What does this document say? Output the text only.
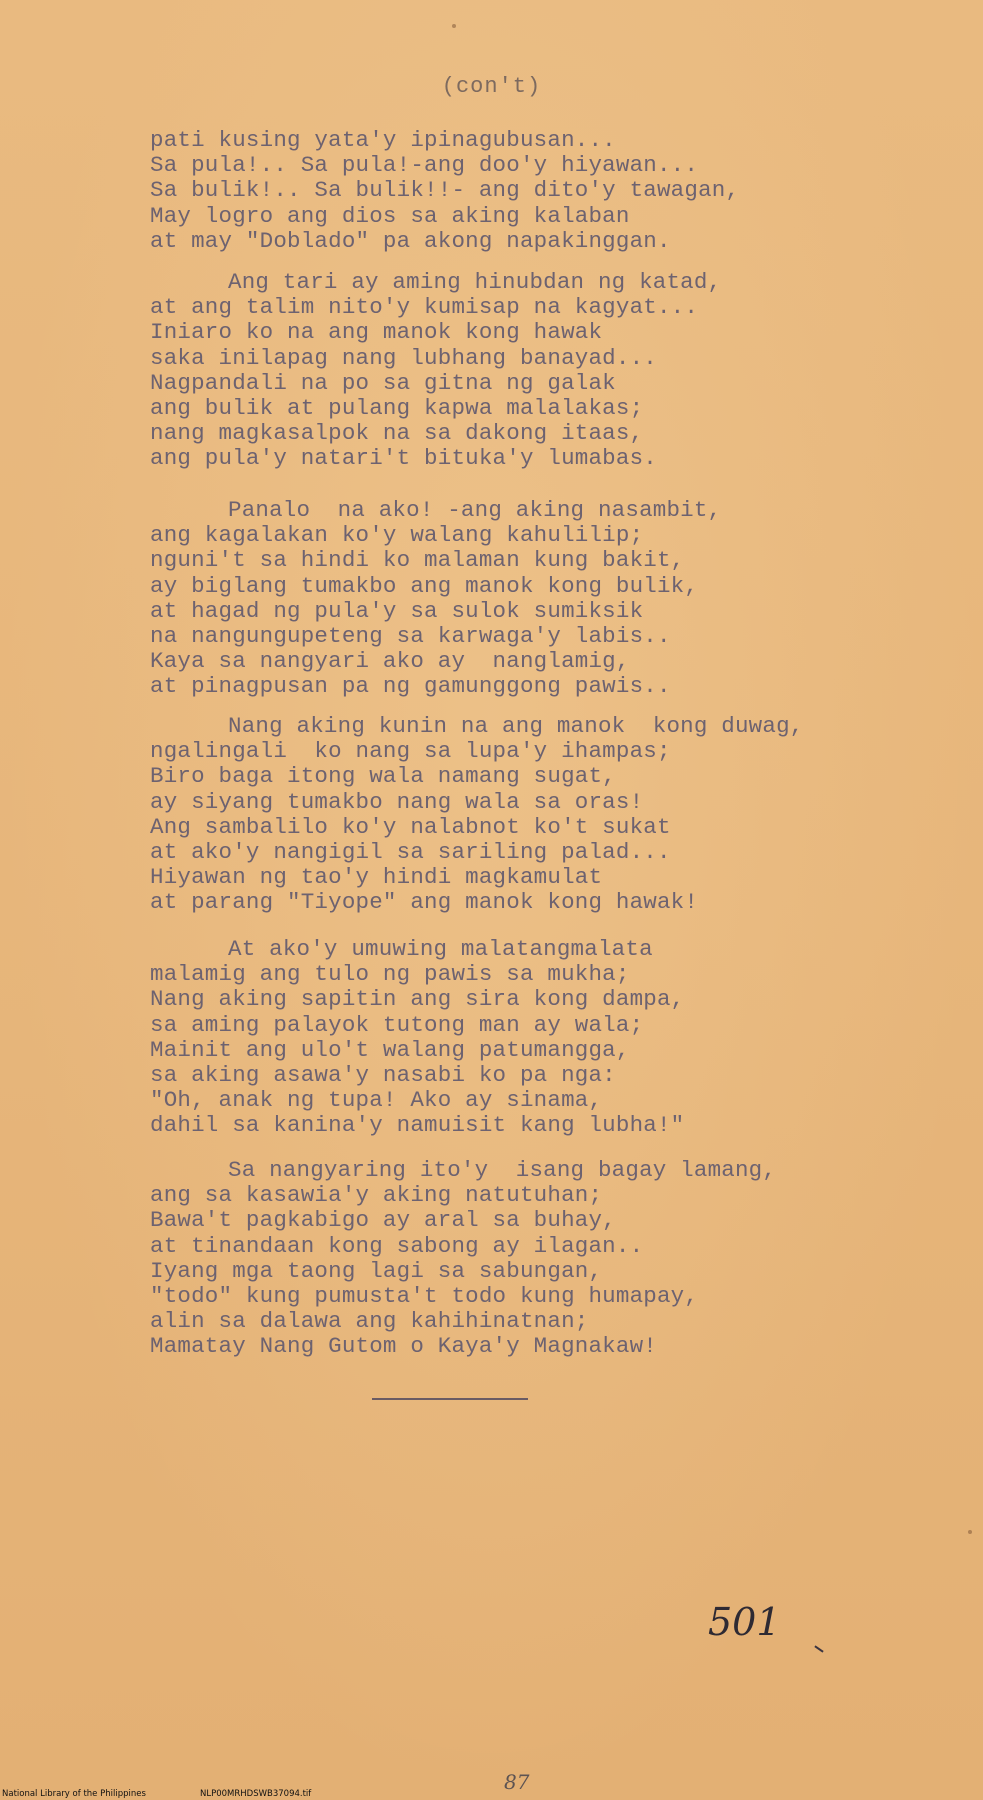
(con't)
pati kusing yata'y ipinagubusan...
Sa pula!.. Sa pula!-ang doo'y hiyawan...
Sa bulik!.. Sa bulik!!- ang dito'y tawagan,
May logro ang dios sa aking kalaban
at may "Doblado" pa akong napakinggan.
Ang tari ay aming hinubdan ng katad,
at ang talim nito'y kumisap na kagyat...
Iniaro ko na ang manok kong hawak
saka inilapag nang lubhang banayad...
Nagpandali na po sa gitna ng galak
ang bulik at pulang kapwa malalakas;
nang magkasalpok na sa dakong itaas,
ang pula'y natari't bituka'y lumabas.
Panalo  na ako! -ang aking nasambit,
ang kagalakan ko'y walang kahulilip;
nguni't sa hindi ko malaman kung bakit,
ay biglang tumakbo ang manok kong bulik,
at hagad ng pula'y sa sulok sumiksik
na nangungupeteng sa karwaga'y labis..
Kaya sa nangyari ako ay  nanglamig,
at pinagpusan pa ng gamunggong pawis..
Nang aking kunin na ang manok  kong duwag,
ngalingali  ko nang sa lupa'y ihampas;
Biro baga itong wala namang sugat,
ay siyang tumakbo nang wala sa oras!
Ang sambalilo ko'y nalabnot ko't sukat
at ako'y nangigil sa sariling palad...
Hiyawan ng tao'y hindi magkamulat
at parang "Tiyope" ang manok kong hawak!
At ako'y umuwing malatangmalata
malamig ang tulo ng pawis sa mukha;
Nang aking sapitin ang sira kong dampa,
sa aming palayok tutong man ay wala;
Mainit ang ulo't walang patumangga,
sa aking asawa'y nasabi ko pa nga:
"Oh, anak ng tupa! Ako ay sinama,
dahil sa kanina'y namuisit kang lubha!"
Sa nangyaring ito'y  isang bagay lamang,
ang sa kasawia'y aking natutuhan;
Bawa't pagkabigo ay aral sa buhay,
at tinandaan kong sabong ay ilagan..
Iyang mga taong lagi sa sabungan,
"todo" kung pumusta't todo kung humapay,
alin sa dalawa ang kahihinatnan;
Mamatay Nang Gutom o Kaya'y Magnakaw!
501
87
National Library of the Philippines	NLP00MRHDSWB37094.tif
